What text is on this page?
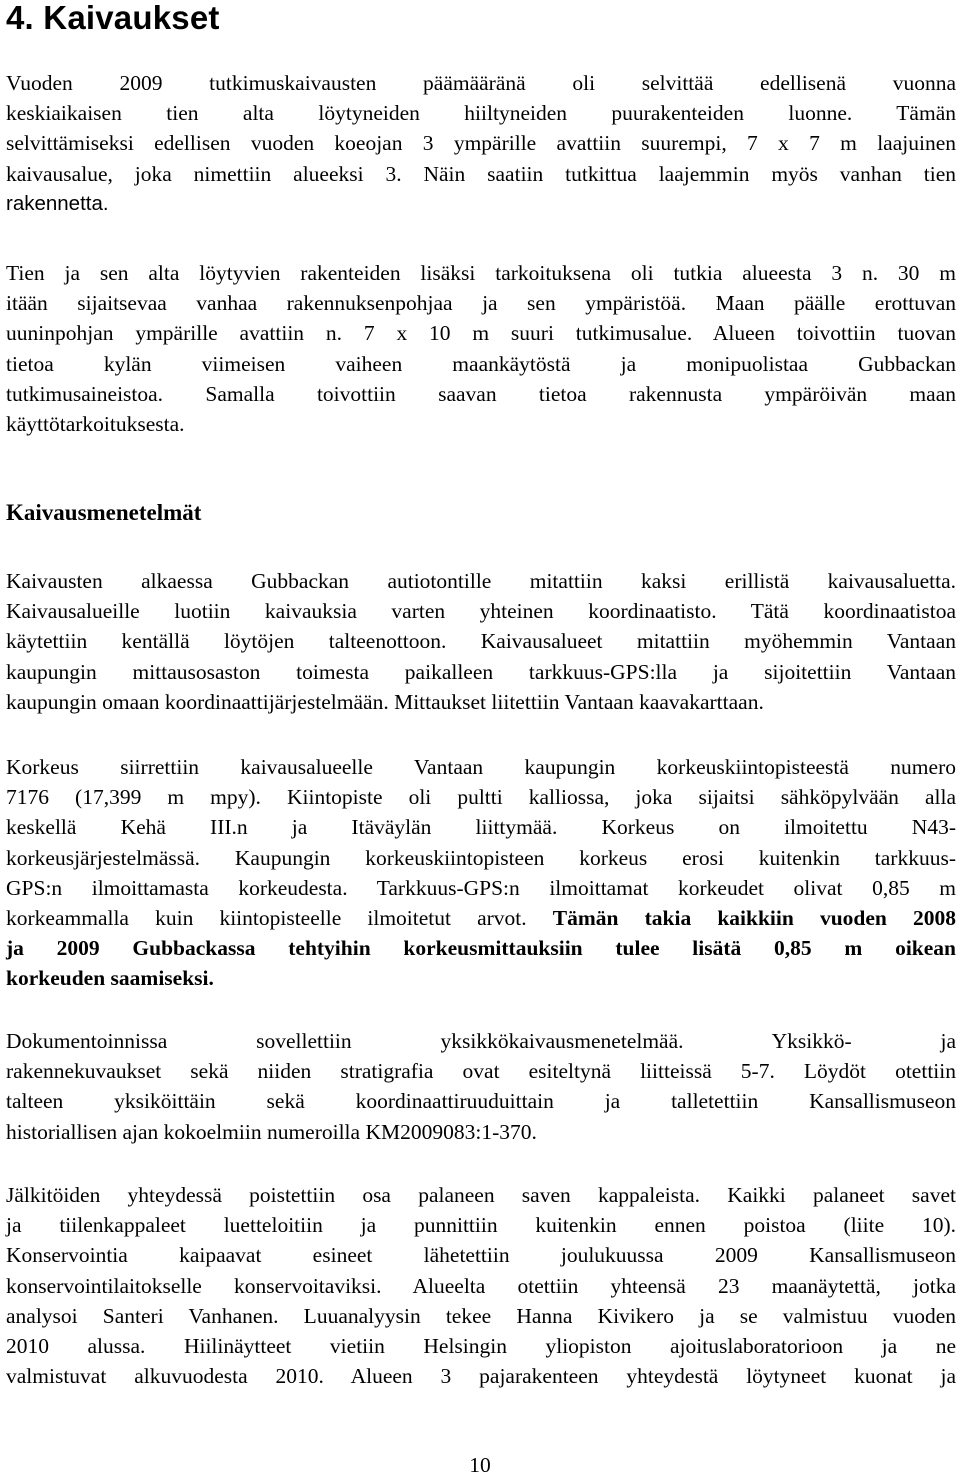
4. Kaivaukset
Vuoden 2009 tutkimuskaivausten päämääränä oli selvittää edellisenä vuonna
keskiaikaisen tien alta löytyneiden hiiltyneiden puurakenteiden luonne. Tämän
selvittämiseksi edellisen vuoden koeojan 3 ympärille avattiin suurempi, 7 x 7 m laajuinen
kaivausalue, joka nimettiin alueeksi 3. Näin saatiin tutkittua laajemmin myös vanhan tien
rakennetta.
Tien ja sen alta löytyvien rakenteiden lisäksi tarkoituksena oli tutkia alueesta 3 n. 30 m
itään sijaitsevaa vanhaa rakennuksenpohjaa ja sen ympäristöä. Maan päälle erottuvan
uuninpohjan ympärille avattiin n. 7 x 10 m suuri tutkimusalue. Alueen toivottiin tuovan
tietoa kylän viimeisen vaiheen maankäytöstä ja monipuolistaa Gubbackan
tutkimusaineistoa. Samalla toivottiin saavan tietoa rakennusta ympäröivän maan
käyttötarkoituksesta.
Kaivausmenetelmät
Kaivausten alkaessa Gubbackan autiotontille mitattiin kaksi erillistä kaivausaluetta.
Kaivausalueille luotiin kaivauksia varten yhteinen koordinaatisto. Tätä koordinaatistoa
käytettiin kentällä löytöjen talteenottoon. Kaivausalueet mitattiin myöhemmin Vantaan
kaupungin mittausosaston toimesta paikalleen tarkkuus-GPS:lla ja sijoitettiin Vantaan
kaupungin omaan koordinaattijärjestelmään. Mittaukset liitettiin Vantaan kaavakarttaan.
Korkeus siirrettiin kaivausalueelle Vantaan kaupungin korkeuskiintopisteestä numero
7176 (17,399 m mpy). Kiintopiste oli pultti kalliossa, joka sijaitsi sähköpylvään alla
keskellä Kehä III.n ja Itäväylän liittymää. Korkeus on ilmoitettu N43-
korkeusjärjestelmässä. Kaupungin korkeuskiintopisteen korkeus erosi kuitenkin tarkkuus-
GPS:n ilmoittamasta korkeudesta. Tarkkuus-GPS:n ilmoittamat korkeudet olivat 0,85 m
korkeammalla kuin kiintopisteelle ilmoitetut arvot. Tämän takia kaikkiin vuoden 2008
ja 2009 Gubbackassa tehtyihin korkeusmittauksiin tulee lisätä 0,85 m oikean
korkeuden saamiseksi.
Dokumentoinnissa sovellettiin yksikkökaivausmenetelmää. Yksikkö- ja
rakennekuvaukset sekä niiden stratigrafia ovat esiteltynä liitteissä 5-7. Löydöt otettiin
talteen yksiköittäin sekä koordinaattiruuduittain ja talletettiin Kansallismuseon
historiallisen ajan kokoelmiin numeroilla KM2009083:1-370.
Jälkitöiden yhteydessä poistettiin osa palaneen saven kappaleista. Kaikki palaneet savet
ja tiilenkappaleet luetteloitiin ja punnittiin kuitenkin ennen poistoa (liite 10).
Konservointia kaipaavat esineet lähetettiin joulukuussa 2009 Kansallismuseon
konservointilaitokselle konservoitaviksi. Alueelta otettiin yhteensä 23 maanäytettä, jotka
analysoi Santeri Vanhanen. Luuanalyysin tekee Hanna Kivikero ja se valmistuu vuoden
2010 alussa. Hiilinäytteet vietiin Helsingin yliopiston ajoituslaboratorioon ja ne
valmistuvat alkuvuodesta 2010. Alueen 3 pajarakenteen yhteydestä löytyneet kuonat ja
10
